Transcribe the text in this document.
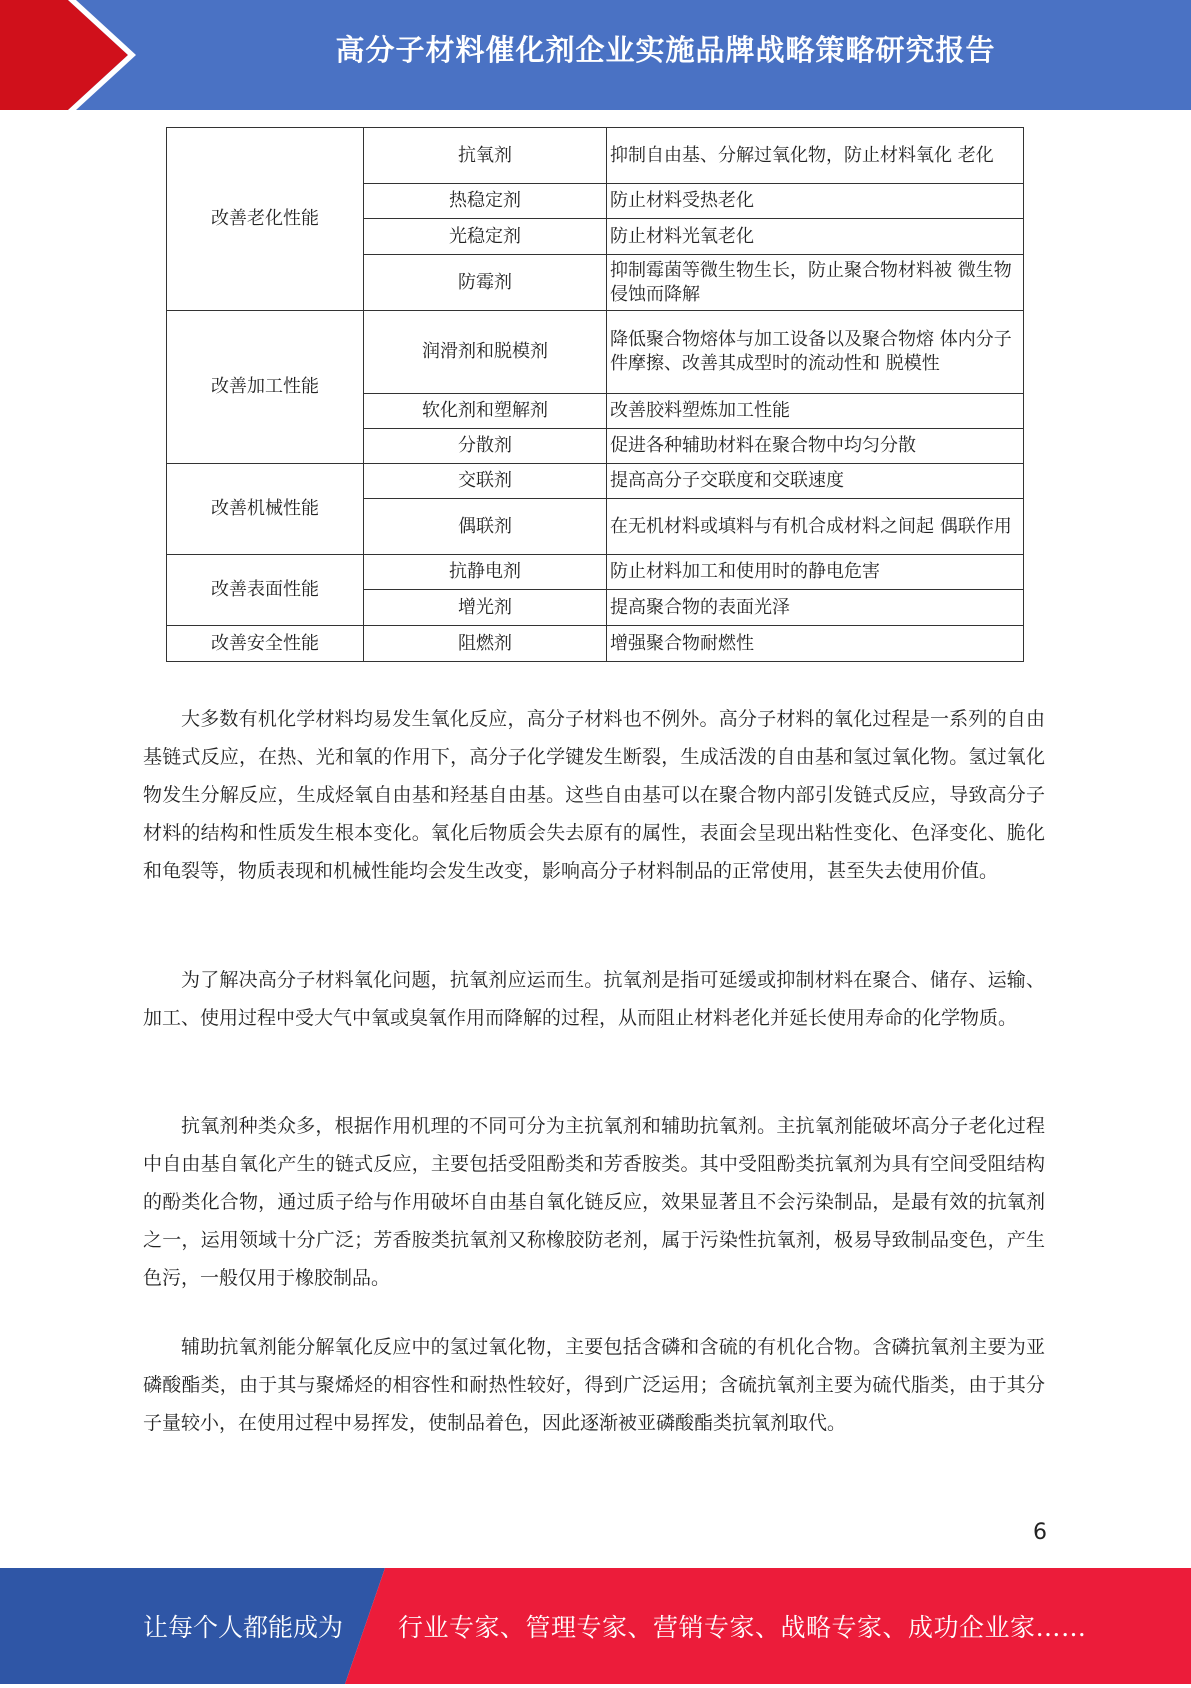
高分子材料催化剂企业实施品牌战略策略研究报告
改善老化性能	抗氧剂	抑制自由基、分解过氧化物，防止材料氧化 老化
	热稳定剂	防止材料受热老化
	光稳定剂	防止材料光氧老化
	防霉剂	抑制霉菌等微生物生长，防止聚合物材料被 微生物侵蚀而降解
改善加工性能	润滑剂和脱模剂	降低聚合物熔体与加工设备以及聚合物熔 体内分子件摩擦、改善其成型时的流动性和 脱模性
	软化剂和塑解剂	改善胶料塑炼加工性能
	分散剂	促进各种辅助材料在聚合物中均匀分散
改善机械性能	交联剂	提高高分子交联度和交联速度
	偶联剂	在无机材料或填料与有机合成材料之间起 偶联作用
改善表面性能	抗静电剂	防止材料加工和使用时的静电危害
	增光剂	提高聚合物的表面光泽
改善安全性能	阻燃剂	增强聚合物耐燃性

大多数有机化学材料均易发生氧化反应，高分子材料也不例外。高分子材料的氧化过程是一系列的自由基链式反应，在热、光和氧的作用下，高分子化学键发生断裂，生成活泼的自由基和氢过氧化物。氢过氧化物发生分解反应，生成烃氧自由基和羟基自由基。这些自由基可以在聚合物内部引发链式反应，导致高分子材料的结构和性质发生根本变化。氧化后物质会失去原有的属性，表面会呈现出粘性变化、色泽变化、脆化和龟裂等，物质表现和机械性能均会发生改变，影响高分子材料制品的正常使用，甚至失去使用价值。

为了解决高分子材料氧化问题，抗氧剂应运而生。抗氧剂是指可延缓或抑制材料在聚合、储存、运输、加工、使用过程中受大气中氧或臭氧作用而降解的过程，从而阻止材料老化并延长使用寿命的化学物质。

抗氧剂种类众多，根据作用机理的不同可分为主抗氧剂和辅助抗氧剂。主抗氧剂能破坏高分子老化过程中自由基自氧化产生的链式反应，主要包括受阻酚类和芳香胺类。其中受阻酚类抗氧剂为具有空间受阻结构的酚类化合物，通过质子给与作用破坏自由基自氧化链反应，效果显著且不会污染制品，是最有效的抗氧剂之一，运用领域十分广泛；芳香胺类抗氧剂又称橡胶防老剂，属于污染性抗氧剂，极易导致制品变色，产生色污，一般仅用于橡胶制品。

辅助抗氧剂能分解氧化反应中的氢过氧化物，主要包括含磷和含硫的有机化合物。含磷抗氧剂主要为亚磷酸酯类，由于其与聚烯烃的相容性和耐热性较好，得到广泛运用；含硫抗氧剂主要为硫代脂类，由于其分子量较小，在使用过程中易挥发，使制品着色，因此逐渐被亚磷酸酯类抗氧剂取代。

6
让每个人都能成为 行业专家、管理专家、营销专家、战略专家、成功企业家……
